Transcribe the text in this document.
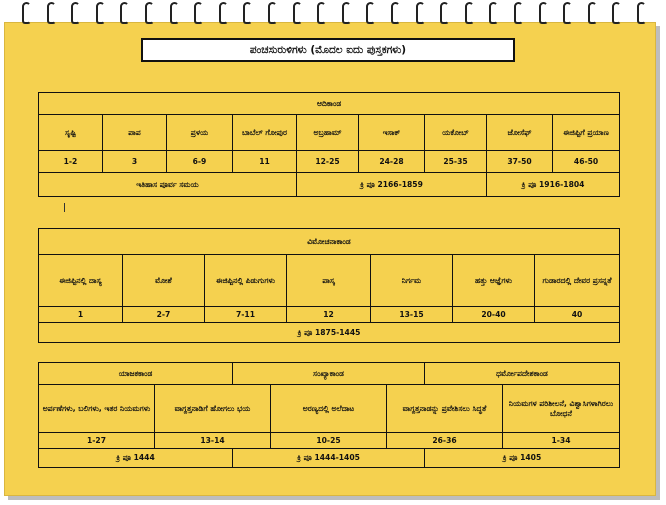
ಪಂಚಸುರುಳಿಗಳು (ಮೊದಲ ಐದು ಪುಸ್ತಕಗಳು)
ಆದಿಕಾಂಡ								
ಸೃಷ್ಟಿ	ಪಾಪ	ಪ್ರಳಯ	ಬಾಬೆಲ್ ಗೋಪುರ	ಅಬ್ರಹಾಮ್	ಇಸಾಕ್	ಯಕೋಬ್	ಜೋಸೆಫ್	ಈಜಿಪ್ಟಿಗೆ ಪ್ರಯಾಣ
1-2	3	6-9	11	12-25	24-28	25-35	37-50	46-50
ಇತಿಹಾಸ ಪೂರ್ವ ಸಮಯ				ಕ್ರಿ ಪೂ 2166-1859			ಕ್ರಿ ಪೂ 1916-1804	
ವಿಮೋಚನಾಕಾಂಡ						
ಈಜಿಪ್ಟಿನಲ್ಲಿ ದಾಸ್ಯ	ಮೋಶೆ	ಈಜಿಪ್ಟಿನಲ್ಲಿ ಪಿಡುಗುಗಳು	ಪಾಸ್ಕ	ನಿರ್ಗಮ	ಹತ್ತು ಆಜ್ಞೆಗಳು	ಗುಡಾರದಲ್ಲಿ ದೇವರ ಪ್ರಸನ್ನತೆ
1	2-7	7-11	12	13-15	20-40	40
ಕ್ರಿ ಪೂ 1875-1445						
ಯಾಜಕಕಾಂಡ		ಸಂಖ್ಯಾಕಾಂಡ			ಧರ್ಮೋಪದೇಶಕಾಂಡ	
ಅರ್ಪಣೆಗಳು, ಬಲಿಗಳು, ಇತರ ನಿಯಮಗಳು	ವಾಗ್ದತ್ತನಾಡಿಗೆ ಹೋಗಲು ಭಯ		ಅರಣ್ಯದಲ್ಲಿ ಅಲೆದಾಟ	ವಾಗ್ದತ್ತನಾಡನ್ನು ಪ್ರವೇಶಿಸಲು ಸಿದ್ಧತೆ		ನಿಯಮಗಳ ಪರಿಶೀಲನೆ, ವಿಶ್ವಾಸಿಗಳಾಗಿರಲು ಬೋಧನೆ
1-27	13-14		10-25	26-36		1-34
ಕ್ರಿ ಪೂ 1444		ಕ್ರಿ ಪೂ 1444-1405			ಕ್ರಿ ಪೂ 1405	
